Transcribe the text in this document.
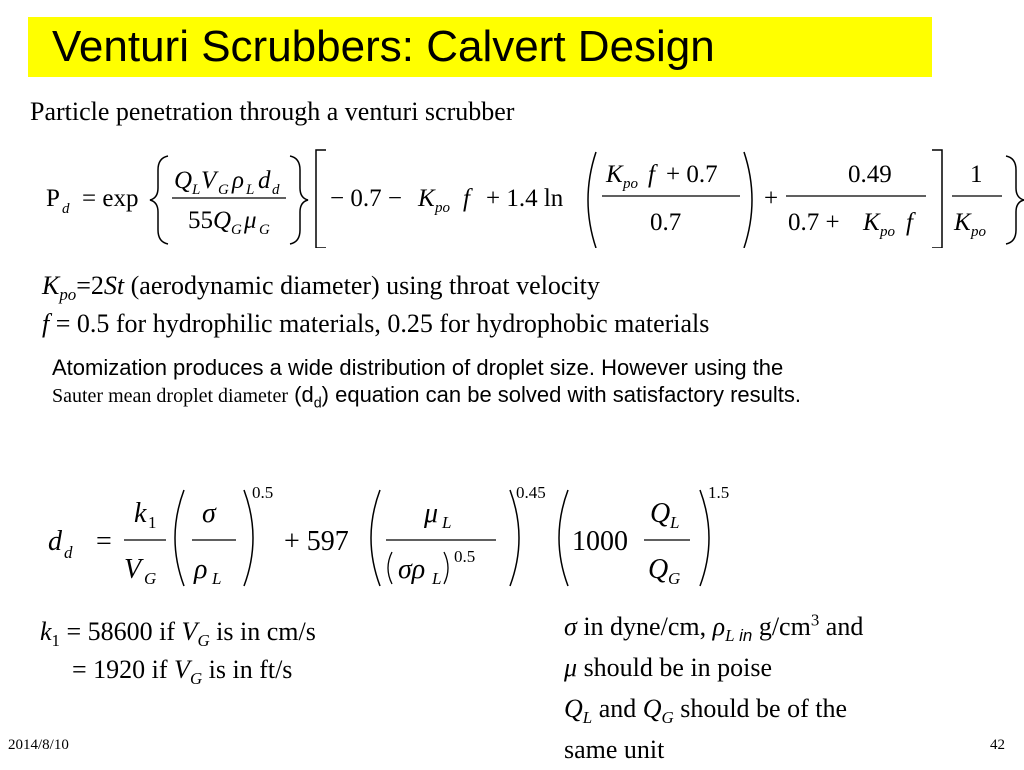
Venturi Scrubbers: Calvert Design
Particle penetration through a venturi scrubber
P d = exp
Q L V G ρ L d d
55 Q G μ G
− 0.7 − K po f + 1.4 ln
K po f + 0.7
0.7
+
0.49
0.7 + K po f
1
K po
$K_{po}=2St$ (aerodynamic diameter) using throat velocity
f = 0.5 for hydrophilic materials, 0.25 for hydrophobic materials
Atomization produces a wide distribution of droplet size. However using the
Sauter mean droplet diameter $(d_d)$ equation can be solved with satisfactory results.
d d =
k 1
V G
σ
ρ L
0.5
+ 597
μ L
σρ L
0.5
0.45
1000
Q L
Q G
1.5
$k_1 = 58600$ if $V_G$ is in cm/s
= 1920 if $V_G$ is in ft/s
σ in dyne/cm, $\rho_{L in}$ $g/cm^3$ and
μ should be in poise
$Q_L$ and $Q_G$ should be of the
same unit
2014/8/10	42
